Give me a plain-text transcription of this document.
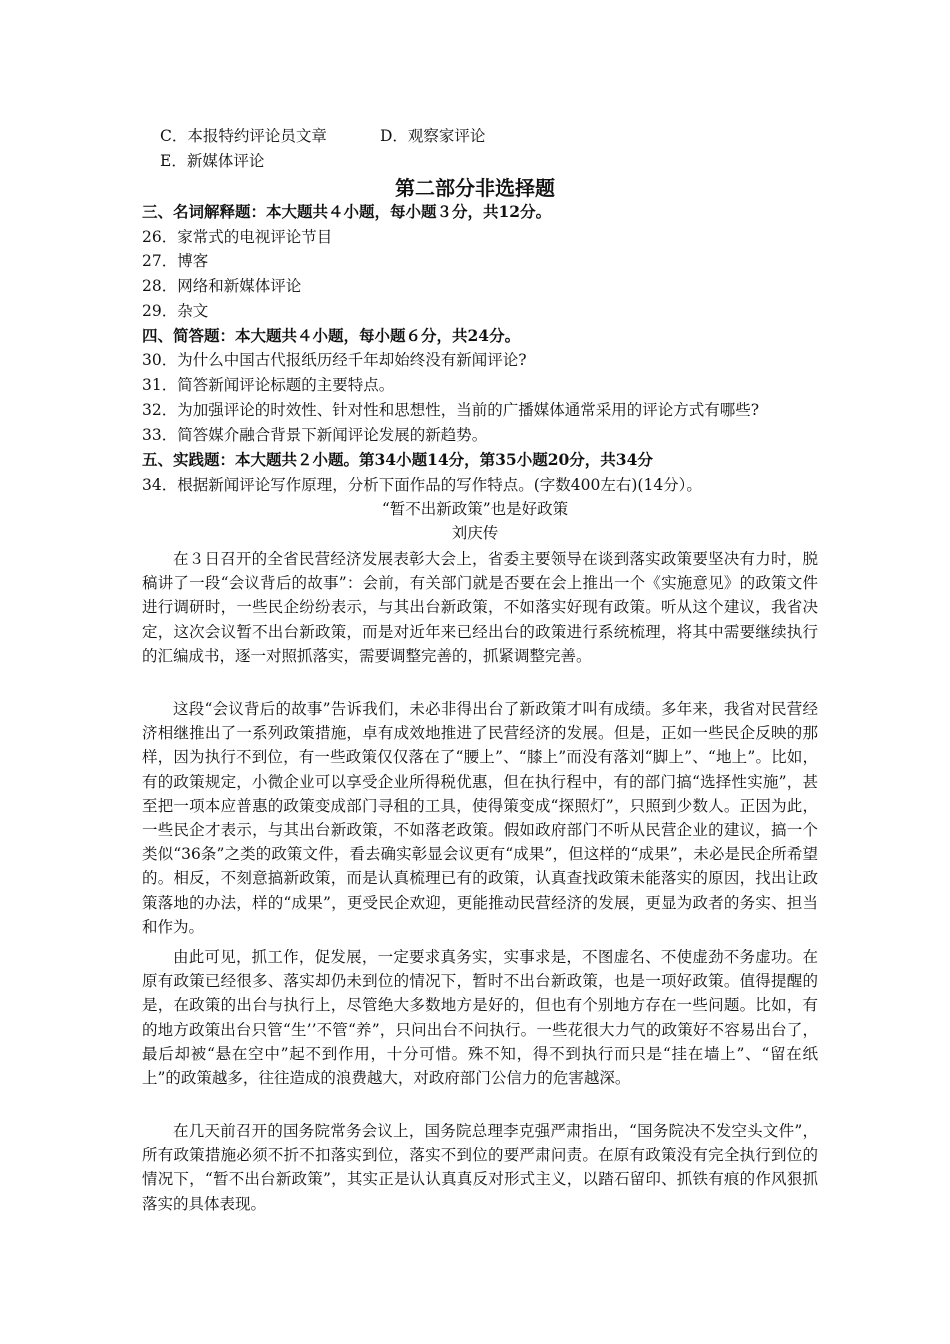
C．本报特约评论员文章	D．观察家评论
E．新媒体评论
第二部分非选择题
三、名词解释题：本大题共４小题，每小题３分，共12分。
26．家常式的电视评论节目
27．博客
28．网络和新媒体评论
29．杂文
四、简答题：本大题共４小题，每小题６分，共24分。
30．为什么中国古代报纸历经千年却始终没有新闻评论?
31．简答新闻评论标题的主要特点。
32．为加强评论的时效性、针对性和思想性，当前的广播媒体通常采用的评论方式有哪些?
33．简答媒介融合背景下新闻评论发展的新趋势。
五、实践题：本大题共２小题。第34小题14分，第35小题20分，共34分
34．根据新闻评论写作原理，分析下面作品的写作特点。(字数400左右)(14分）。
“暂不出新政策”也是好政策
刘庆传
在３日召开的全省民营经济发展表彰大会上，省委主要领导在谈到落实政策要坚决有力时，脱稿讲了一段“会议背后的故事”：会前，有关部门就是否要在会上推出一个《实施意见》的政策文件进行调研时，一些民企纷纷表示，与其出台新政策，不如落实好现有政策。听从这个建议，我省决定，这次会议暂不出台新政策，而是对近年来已经出台的政策进行系统梳理，将其中需要继续执行的汇编成书，逐一对照抓落实，需要调整完善的，抓紧调整完善。
这段“会议背后的故事”告诉我们，未必非得出台了新政策才叫有成绩。多年来，我省对民营经济相继推出了一系列政策措施，卓有成效地推进了民营经济的发展。但是，正如一些民企反映的那样，因为执行不到位，有一些政策仅仅落在了“腰上”、“膝上”而没有落刘“脚上”、“地上”。比如，有的政策规定，小微企业可以享受企业所得税优惠，但在执行程中，有的部门搞“选择性实施”，甚至把一项本应普惠的政策变成部门寻租的工具，使得策变成“探照灯”，只照到少数人。正因为此，一些民企才表示，与其出台新政策，不如落老政策。假如政府部门不听从民营企业的建议，搞一个类似“36条”之类的政策文件，看去确实彰显会议更有“成果”，但这样的“成果”，未必是民企所希望的。相反，不刻意搞新政策，而是认真梳理已有的政策，认真查找政策未能落实的原因，找出让政策落地的办法，样的“成果”，更受民企欢迎，更能推动民营经济的发展，更显为政者的务实、担当和作为。
由此可见，抓工作，促发展，一定要求真务实，实事求是，不图虚名、不使虚劲不务虚功。在原有政策已经很多、落实却仍未到位的情况下，暂时不出台新政策，也是一项好政策。值得提醒的是，在政策的出台与执行上，尽管绝大多数地方是好的，但也有个别地方存在一些问题。比如，有的地方政策出台只管“生’’不管“养”，只问出台不问执行。一些花很大力气的政策好不容易出台了，最后却被“悬在空中”起不到作用，十分可惜。殊不知，得不到执行而只是“挂在墙上”、“留在纸上”的政策越多，往往造成的浪费越大，对政府部门公信力的危害越深。
在几天前召开的国务院常务会议上，国务院总理李克强严肃指出，“国务院决不发空头文件”，所有政策措施必须不折不扣落实到位，落实不到位的要严肃问责。在原有政策没有完全执行到位的情况下，“暂不出台新政策”，其实正是认认真真反对形式主义，以踏石留印、抓铁有痕的作风狠抓落实的具体表现。
